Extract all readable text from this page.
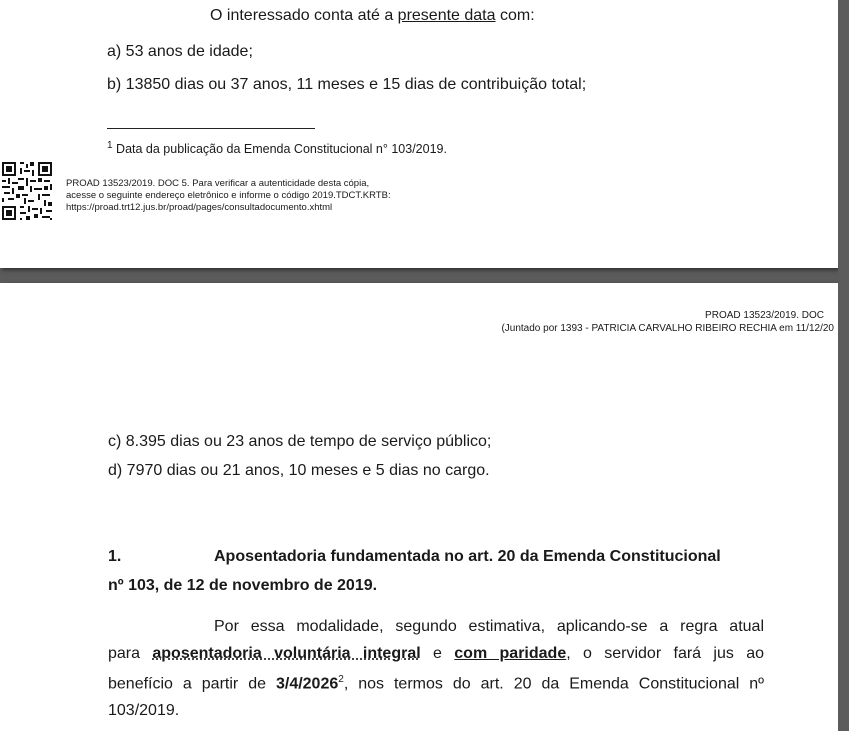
O interessado conta até a presente data com:
a) 53 anos de idade;
b) 13850 dias ou 37 anos, 11 meses e 15 dias de contribuição total;
$^1$ Data da publicação da Emenda Constitucional n° 103/2019.
PROAD 13523/2019. DOC 5. Para verificar a autenticidade desta cópia,
acesse o seguinte endereço eletrônico e informe o código 2019.TDCT.KRTB:
https://proad.trt12.jus.br/proad/pages/consultadocumento.xhtml
PROAD 13523/2019. DOC
(Juntado por 1393 - PATRICIA CARVALHO RIBEIRO RECHIA em 11/12/20
c) 8.395 dias ou 23 anos de tempo de serviço público;
d) 7970 dias ou 21 anos, 10 meses e 5 dias no cargo.
1.	Aposentadoria fundamentada no art. 20 da Emenda Constitucional
nº 103, de 12 de novembro de 2019.
Por essa modalidade, segundo estimativa, aplicando-se a regra atual
para aposentadoria voluntária integral e com paridade, o servidor fará jus ao
benefício a partir de 3/4/2026$^2$, nos termos do art. 20 da Emenda Constitucional nº
103/2019.
